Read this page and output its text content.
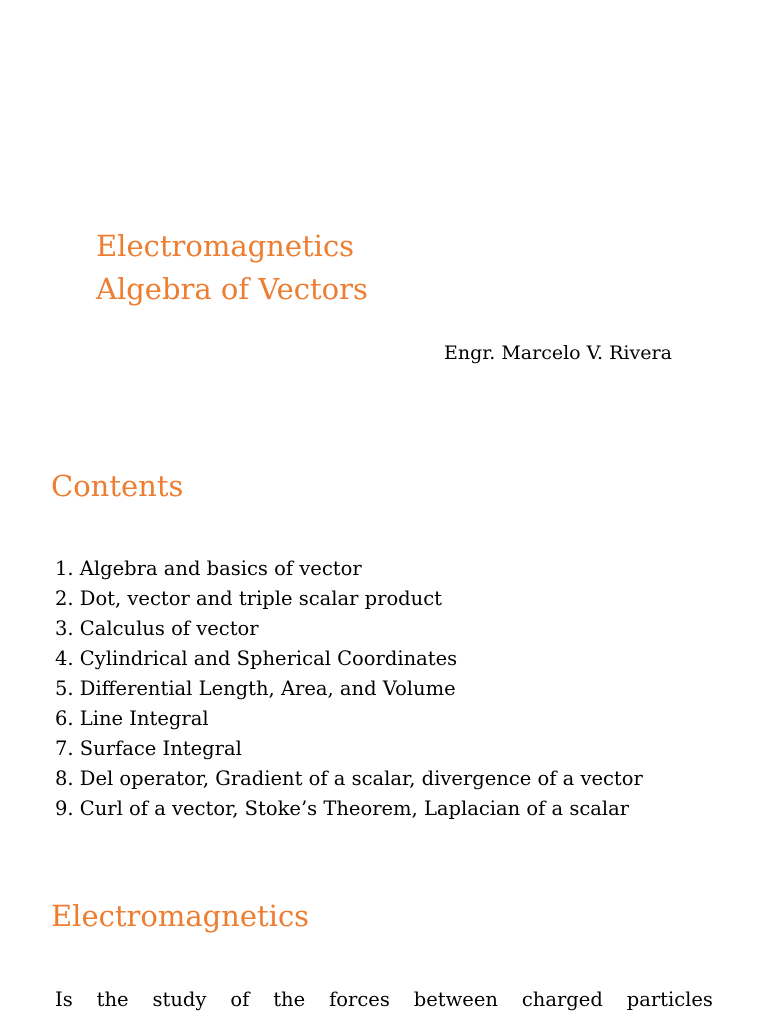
Electromagnetics
Algebra of Vectors
Engr. Marcelo V. Rivera
Contents
1. Algebra and basics of vector
2. Dot, vector and triple scalar product
3. Calculus of vector
4. Cylindrical and Spherical Coordinates
5. Differential Length, Area, and Volume
6. Line Integral
7. Surface Integral
8. Del operator, Gradient of a scalar, divergence of a vector
9. Curl of a vector, Stoke’s Theorem, Laplacian of a scalar
Electromagnetics
Is the study of the forces between charged particles
